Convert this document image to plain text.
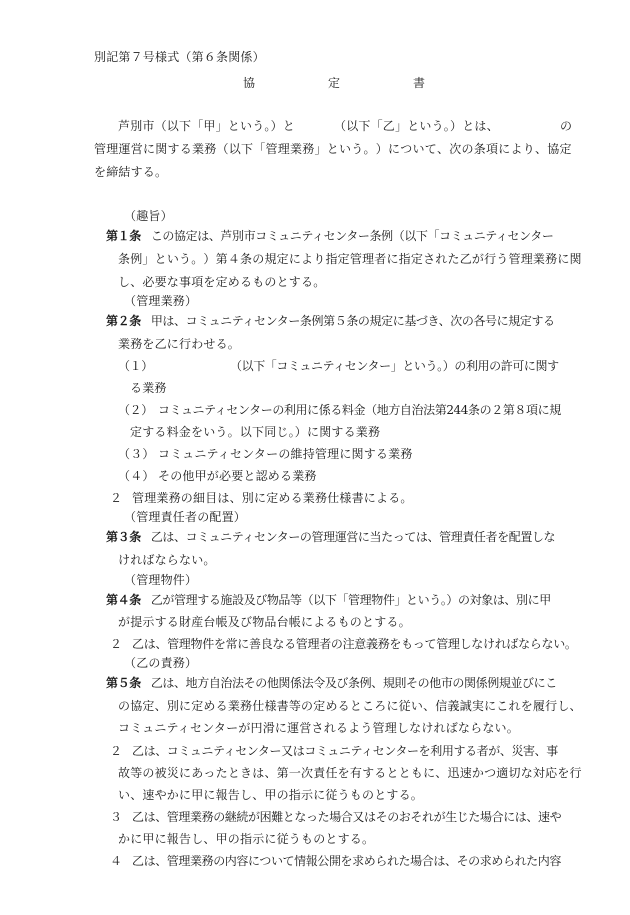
別記第７号様式（第６条関係）
協	定	書
芦別市（以下「甲」という。）と	（以下「乙」という。）とは、	の
管 理 運 営 に 関 す る 業 務 （ 以 下 「 管 理 業 務 」 と い う 。 ） に つ い て 、 次 の 条 項 に よ り 、 協 定
を締結する。
（趣旨）
第１条 この協定は、芦別市コミュニティセンター条例（以下「コミュニティセンター
条 例 」 と い う 。 ） 第 ４ 条 の 規 定 に よ り 指 定 管 理 者 に 指 定 さ れ た 乙 が 行 う 管 理 業 務 に 関
し、必要な事項を定めるものとする。
（管理業務）
第２条 甲は、コミュニティセンター条例第５条の規定に基づき、次の各号に規定する
業務を乙に行わせる。
（１）	（以下「コミュニティセンター」という。）の利用の許可に関す
る業務
（２） コミュニティセンターの利用に係る料金（地方自治法第244条の２第８項に規
定する料金をいう。以下同じ。）に関する業務
（３） コミュニティセンターの維持管理に関する業務
（４） その他甲が必要と認める業務
２ 管理業務の細目は、別に定める業務仕様書による。
（管理責任者の配置）
第３条 乙は、コミュニティセンターの管理運営に当たっては、管理責任者を配置しな
ければならない。
（管理物件）
第４条 乙が管理する施設及び物品等（以下「管理物件」という。）の対象は、別に甲
が提示する財産台帳及び物品台帳によるものとする。
２ 乙は、管理物件を常に善良なる管理者の注意義務をもって管理しなければならない。
（乙の責務）
第５条 乙は、地方自治法その他関係法令及び条例、規則その他市の関係例規並びにこ
の 協 定 、 別 に 定 め る 業 務 仕 様 書 等 の 定 め る と こ ろ に 従 い 、 信 義 誠 実 に こ れ を 履 行 し 、
コミュニティセンターが円滑に運営されるよう管理しなければならない。
２ 乙は、コミュニティセンター又はコミュニティセンターを利用する者が、災害、事
故 等 の 被 災 に あ っ た と き は 、 第 一 次 責 任 を 有 す る と と も に 、 迅 速 か つ 適 切 な 対 応 を 行
い、速やかに甲に報告し、甲の指示に従うものとする。
３ 乙は、管理業務の継続が困難となった場合又はそのおそれが生じた場合には、速や
かに甲に報告し、甲の指示に従うものとする。
４ 乙は、管理業務の内容について情報公開を求められた場合は、その求められた内容
